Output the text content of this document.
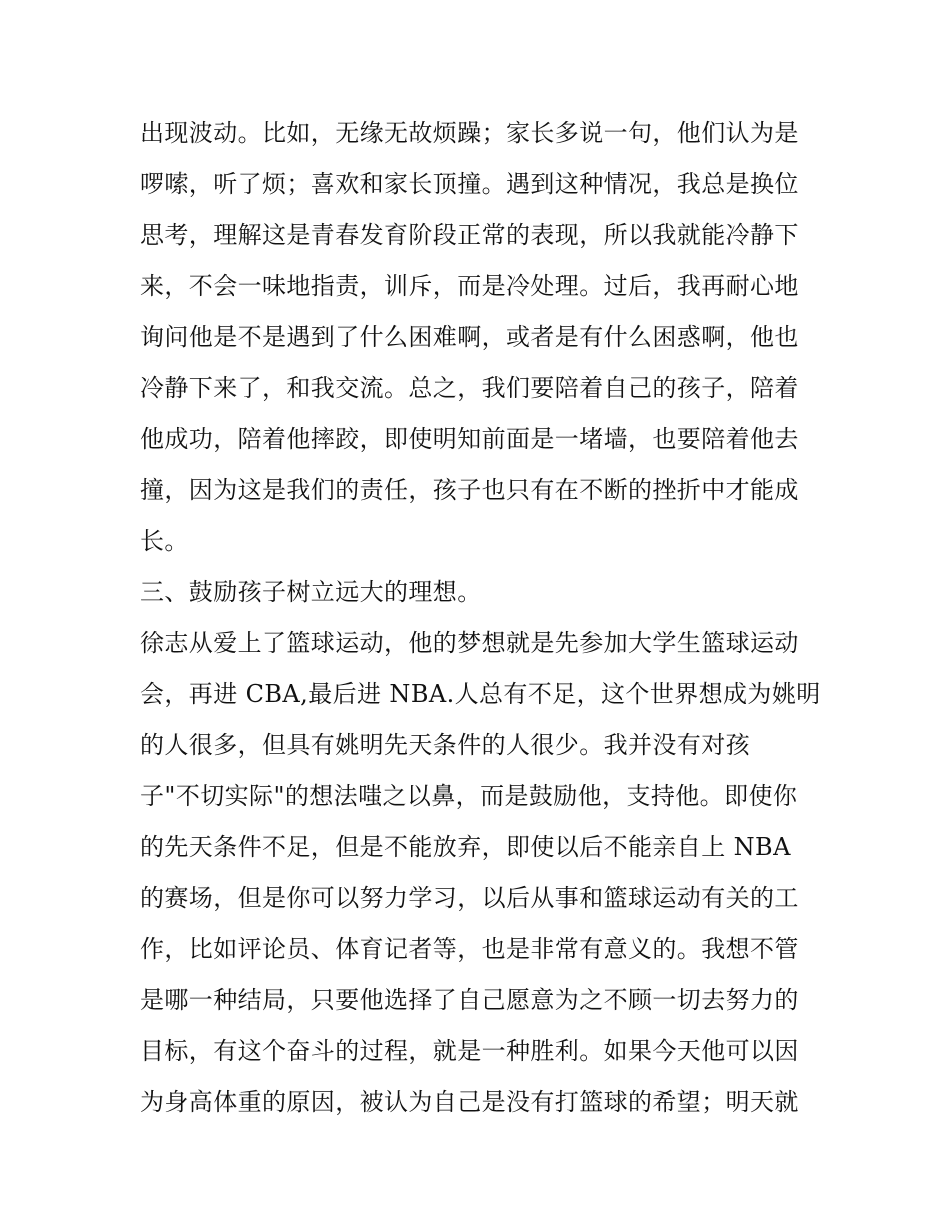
出现波动。比如，无缘无故烦躁；家长多说一句，他们认为是
啰嗦，听了烦；喜欢和家长顶撞。遇到这种情况，我总是换位
思考，理解这是青春发育阶段正常的表现，所以我就能冷静下
来，不会一味地指责，训斥，而是冷处理。过后，我再耐心地
询问他是不是遇到了什么困难啊，或者是有什么困惑啊，他也
冷静下来了，和我交流。总之，我们要陪着自己的孩子，陪着
他成功，陪着他摔跤，即使明知前面是一堵墙，也要陪着他去
撞，因为这是我们的责任，孩子也只有在不断的挫折中才能成
长。
三、鼓励孩子树立远大的理想。
徐志从爱上了篮球运动，他的梦想就是先参加大学生篮球运动
会，再进 CBA,最后进 NBA.人总有不足，这个世界想成为姚明
的人很多，但具有姚明先天条件的人很少。我并没有对孩
子"不切实际"的想法嗤之以鼻，而是鼓励他，支持他。即使你
的先天条件不足，但是不能放弃，即使以后不能亲自上 NBA
的赛场，但是你可以努力学习，以后从事和篮球运动有关的工
作，比如评论员、体育记者等，也是非常有意义的。我想不管
是哪一种结局，只要他选择了自己愿意为之不顾一切去努力的
目标，有这个奋斗的过程，就是一种胜利。如果今天他可以因
为身高体重的原因，被认为自己是没有打篮球的希望；明天就
